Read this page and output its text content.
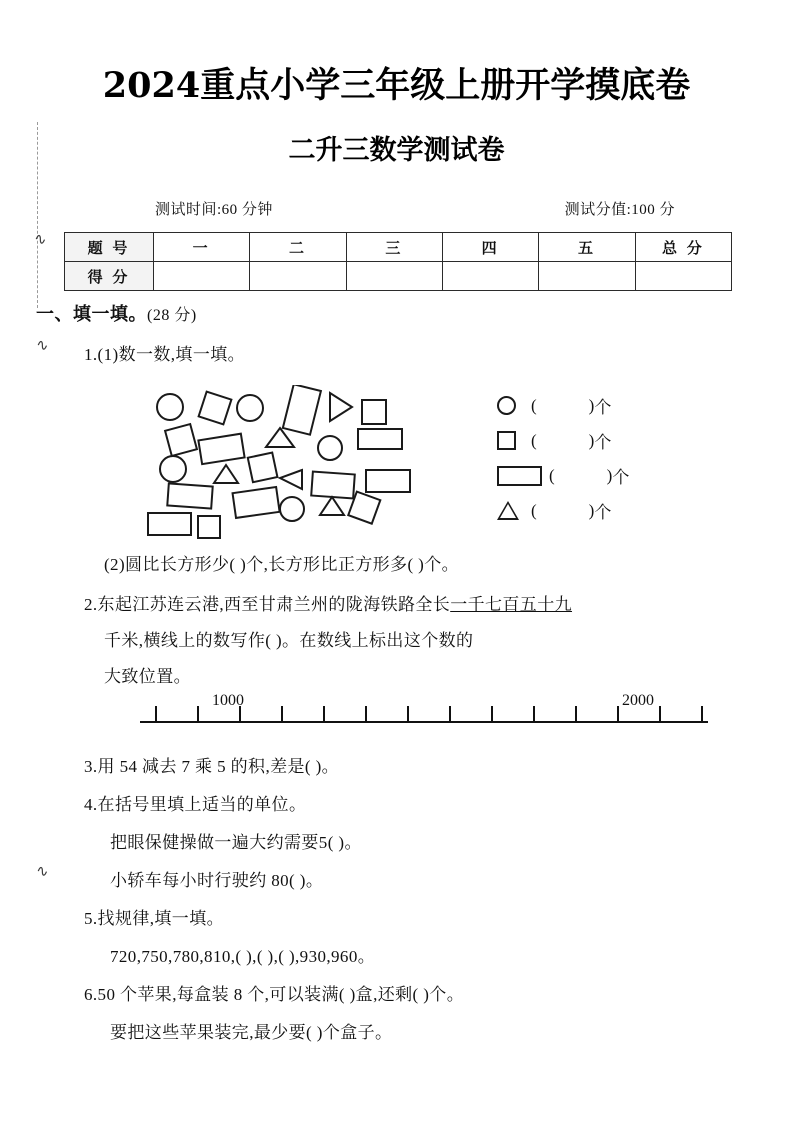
∿
∿
∿
2024重点小学三年级上册开学摸底卷
二升三数学测试卷
测试时间:60 分钟	测试分值:100 分
题 号	一	二	三	四	五	总 分
得 分						
一、填一填。(28 分)
1.(1)数一数,填一填。
(	) 个
(	) 个
(	) 个
(	) 个
(2)圆比长方形少( )个,长方形比正方形多( )个。
2.东起江苏连云港,西至甘肃兰州的陇海铁路全长一千七百五十九
千米,横线上的数写作( )。在数线上标出这个数的
大致位置。
1000	2000
3.用 54 减去 7 乘 5 的积,差是( )。
4.在括号里填上适当的单位。
把眼保健操做一遍大约需要5( )。
小轿车每小时行驶约 80( )。
5.找规律,填一填。
720,750,780,810,( ),( ),( ),930,960。
6.50 个苹果,每盒装 8 个,可以装满( )盒,还剩( )个。
要把这些苹果装完,最少要( )个盒子。
